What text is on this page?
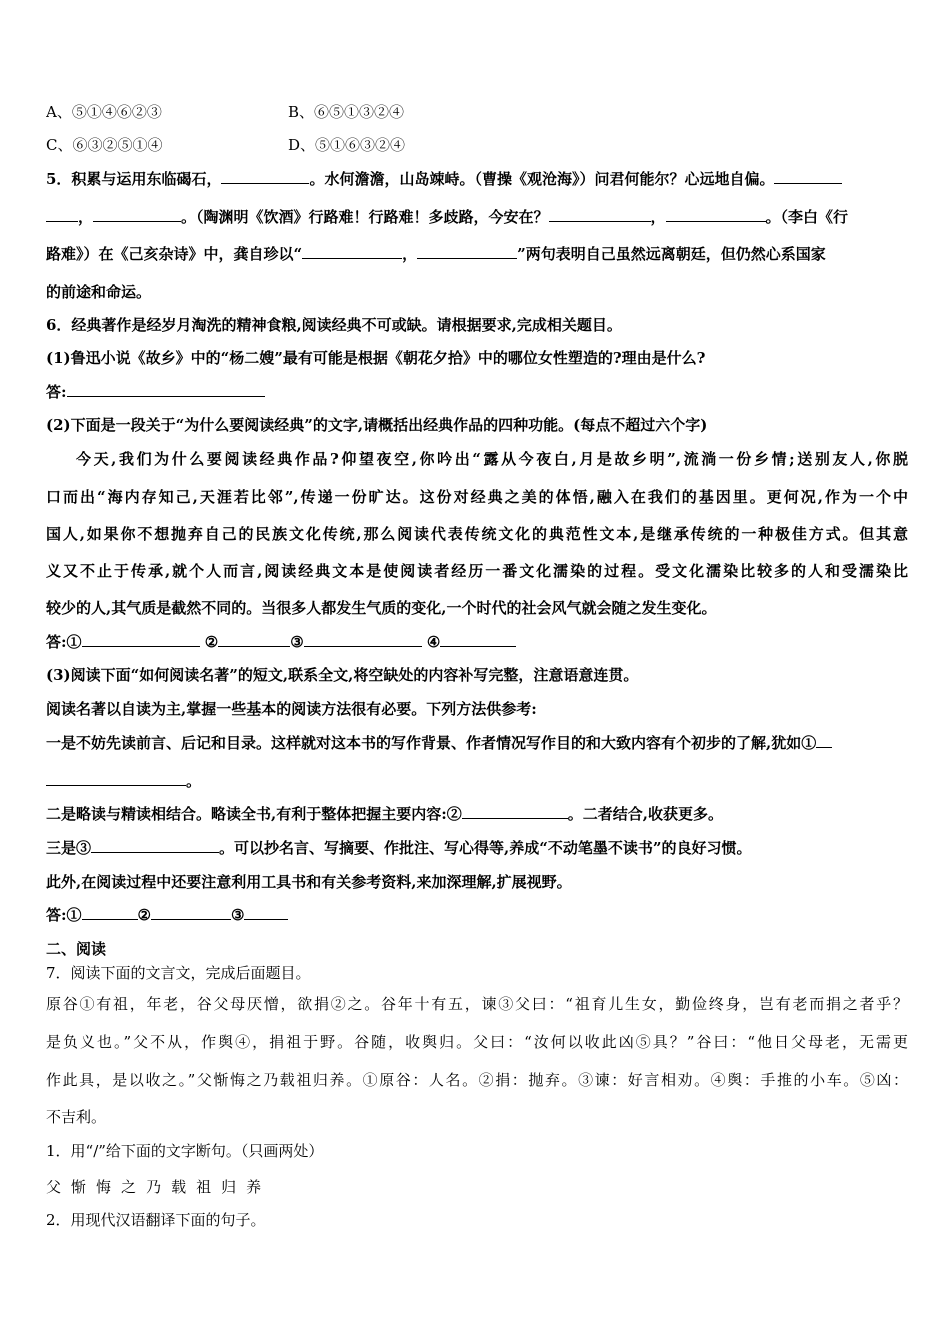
A、⑤①④⑥②③	B、⑥⑤①③②④
C、⑥③②⑤①④	D、⑤①⑥③②④
5．积累与运用东临碣石，	。水何澹澹，山岛竦峙。（曹操《观沧海》）问君何能尔？心远地自偏。
，	。（陶渊明《饮酒》行路难！行路难！多歧路，今安在？	，	。（李白《行
路难》）在《己亥杂诗》中，龚自珍以“	，	”两句表明自己虽然远离朝廷，但仍然心系国家
的前途和命运。
6．经典著作是经岁月淘洗的精神食粮,阅读经典不可或缺。请根据要求,完成相关题目。
(1)鲁迅小说《故乡》中的“杨二嫂”最有可能是根据《朝花夕拾》中的哪位女性塑造的?理由是什么?
答:
(2)下面是一段关于“为什么要阅读经典”的文字,请概括出经典作品的四种功能。(每点不超过六个字)
今天,我们为什么要阅读经典作品?仰望夜空,你吟出“露从今夜白,月是故乡明”,流淌一份乡情;送别友人,你脱
口而出“海内存知己,天涯若比邻”,传递一份旷达。这份对经典之美的体悟,融入在我们的基因里。更何况,作为一个中
国人,如果你不想抛弃自己的民族文化传统,那么阅读代表传统文化的典范性文本,是继承传统的一种极佳方式。但其意
义又不止于传承,就个人而言,阅读经典文本是使阅读者经历一番文化濡染的过程。受文化濡染比较多的人和受濡染比
较少的人,其气质是截然不同的。当很多人都发生气质的变化,一个时代的社会风气就会随之发生变化。
答:①	②	③	④
(3)阅读下面“如何阅读名著”的短文,联系全文,将空缺处的内容补写完整，注意语意连贯。
阅读名著以自读为主,掌握一些基本的阅读方法很有必要。下列方法供参考:
一是不妨先读前言、后记和目录。这样就对这本书的写作背景、作者情况写作目的和大致内容有个初步的了解,犹如①
。
二是略读与精读相结合。略读全书,有利于整体把握主要内容:②	。二者结合,收获更多。
三是③	。可以抄名言、写摘要、作批注、写心得等,养成“不动笔墨不读书”的良好习惯。
此外,在阅读过程中还要注意利用工具书和有关参考资料,来加深理解,扩展视野。
答:①	②	③
二、阅读
7．阅读下面的文言文，完成后面题目。
原谷①有祖，年老，谷父母厌憎，欲捐②之。谷年十有五，谏③父曰：“祖育儿生女，勤俭终身，岂有老而捐之者乎？
是负义也。”父不从，作舆④，捐祖于野。谷随，收舆归。父曰：“汝何以收此凶⑤具？”谷曰：“他日父母老，无需更
作此具，是以收之。”父惭悔之乃载祖归养。①原谷：人名。②捐：抛弃。③谏：好言相劝。④舆：手推的小车。⑤凶：
不吉利。
1．用“/”给下面的文字断句。（只画两处）
父 惭 悔 之 乃 载 祖 归 养
2．用现代汉语翻译下面的句子。
